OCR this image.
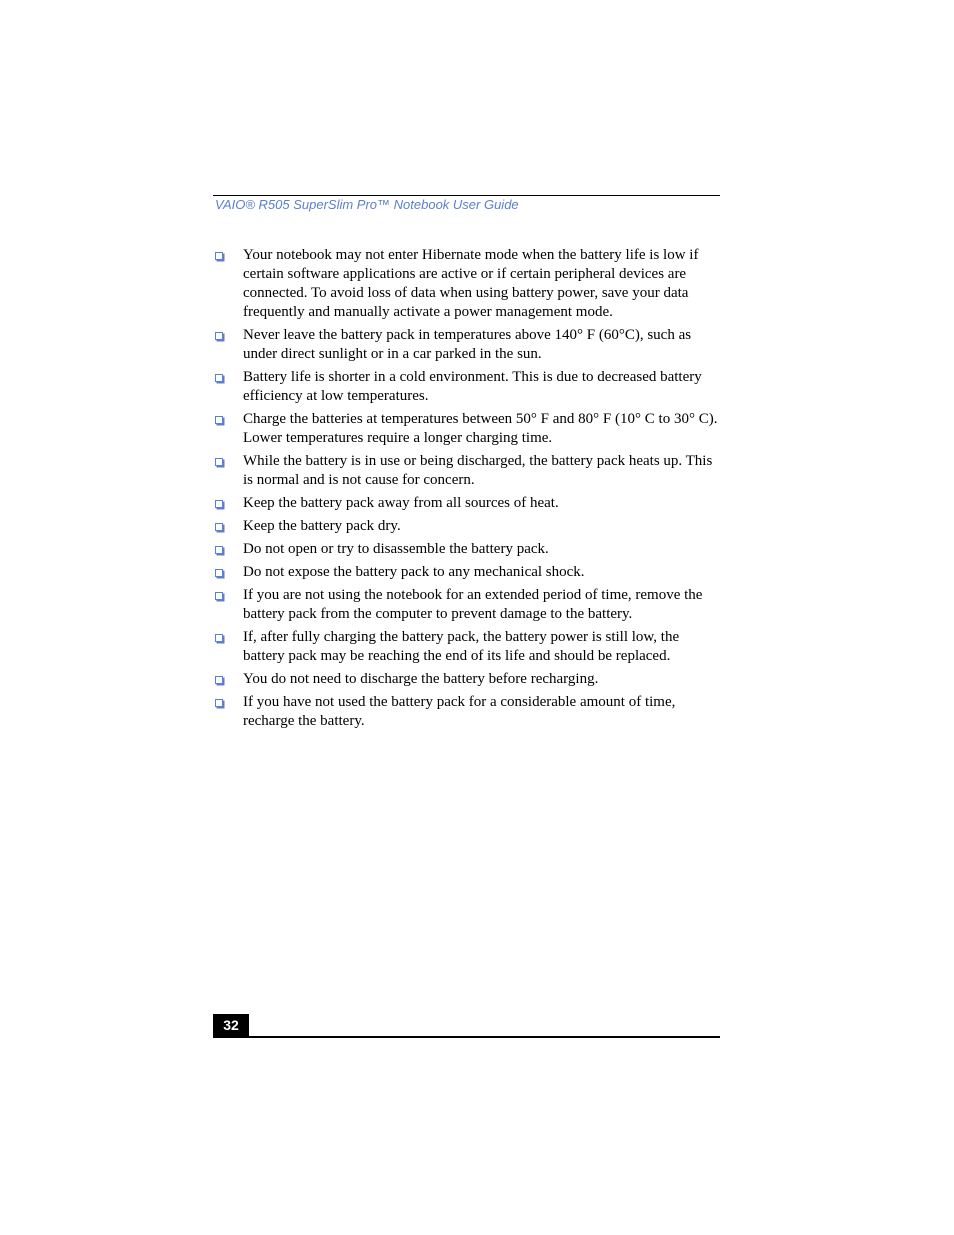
VAIO® R505 SuperSlim Pro™ Notebook User Guide
Your notebook may not enter Hibernate mode when the battery life is low if certain software applications are active or if certain peripheral devices are connected. To avoid loss of data when using battery power, save your data frequently and manually activate a power management mode.
Never leave the battery pack in temperatures above 140° F (60°C), such as under direct sunlight or in a car parked in the sun.
Battery life is shorter in a cold environment. This is due to decreased battery efficiency at low temperatures.
Charge the batteries at temperatures between 50° F and 80° F (10° C to 30° C). Lower temperatures require a longer charging time.
While the battery is in use or being discharged, the battery pack heats up. This is normal and is not cause for concern.
Keep the battery pack away from all sources of heat.
Keep the battery pack dry.
Do not open or try to disassemble the battery pack.
Do not expose the battery pack to any mechanical shock.
If you are not using the notebook for an extended period of time, remove the battery pack from the computer to prevent damage to the battery.
If, after fully charging the battery pack, the battery power is still low, the battery pack may be reaching the end of its life and should be replaced.
You do not need to discharge the battery before recharging.
If you have not used the battery pack for a considerable amount of time, recharge the battery.
32
